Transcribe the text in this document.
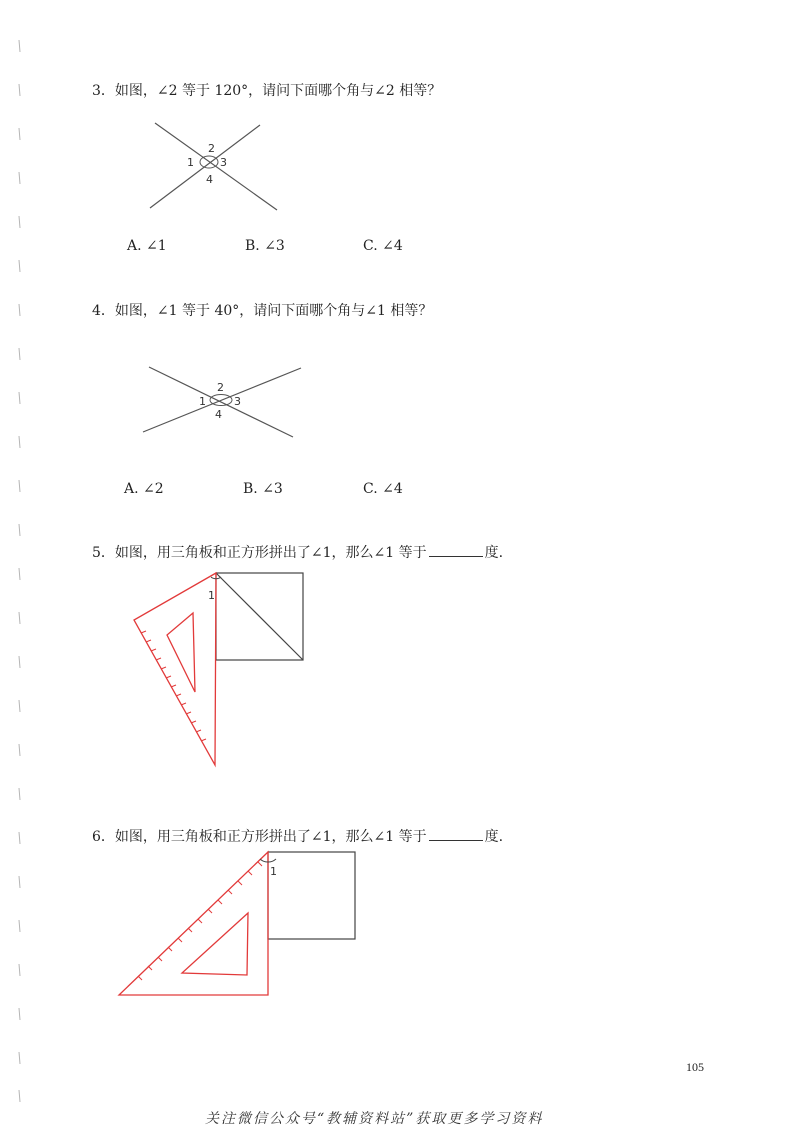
3．如图，∠2 等于 120°，请问下面哪个角与∠2 相等？
2
1 3
4
A. ∠1	B. ∠3	C. ∠4
4．如图，∠1 等于 40°，请问下面哪个角与∠1 相等？
2
1	3
4
A. ∠2	B. ∠3	C. ∠4
5．如图，用三角板和正方形拼出了∠1，那么∠1 等于	度.
1
6．如图，用三角板和正方形拼出了∠1，那么∠1 等于	度.
1
105
关注微信公众号“教辅资料站”获取更多学习资料
